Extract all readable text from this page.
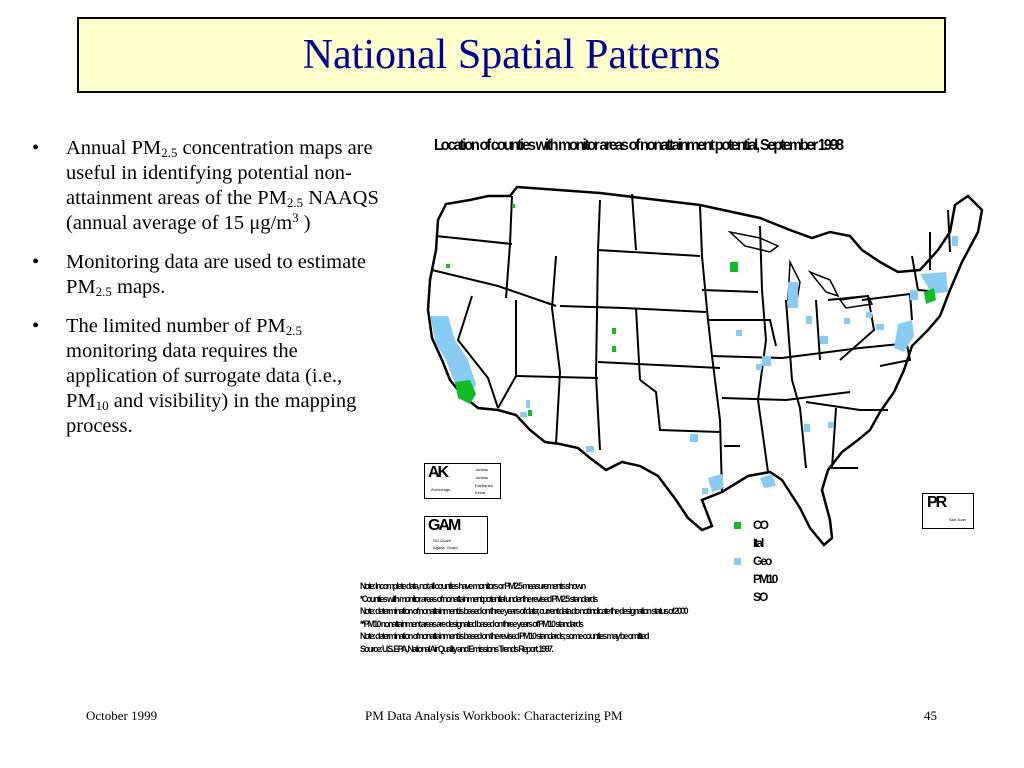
National Spatial Patterns
• Annual $PM_{2.5}$ concentration maps are useful in identifying potential non-attainment areas of the $PM_{2.5}$ NAAQS (annual average of 15 $\mu g/m^3$ )
• Monitoring data are used to estimate $PM_{2.5}$ maps.
• The limited number of $PM_{2.5}$ monitoring data requires the application of surrogate data (i.e., $PM_{10}$ and visibility) in the mapping process.
Location of counties with monitor areas of nonattainment potential, September 1998
AK	Juneau
Anchorage
Juneau
Fairbanks
Kenai
GAM
GU Guam
Agana, Guam
PR
San Juan
CO
Ital
Geo
PM10
SO
Note: Incomplete data, not all counties have monitors or PM2.5 measurements shown
*Counties with monitor areas of nonattainment potential under the revised PM2.5 standards
Note: determination of nonattainment is based on three years of data; current data do not indicate the designation status of 2000
**PM10 nonattainment areas are designated based on three years of PM10 standards
Note: determination of nonattainment is based on the revised PM10 standards; some counties may be omitted
Source: U.S. EPA, National Air Quality and Emissions Trends Report, 1997.
October 1999	PM Data Analysis Workbook: Characterizing PM	45
